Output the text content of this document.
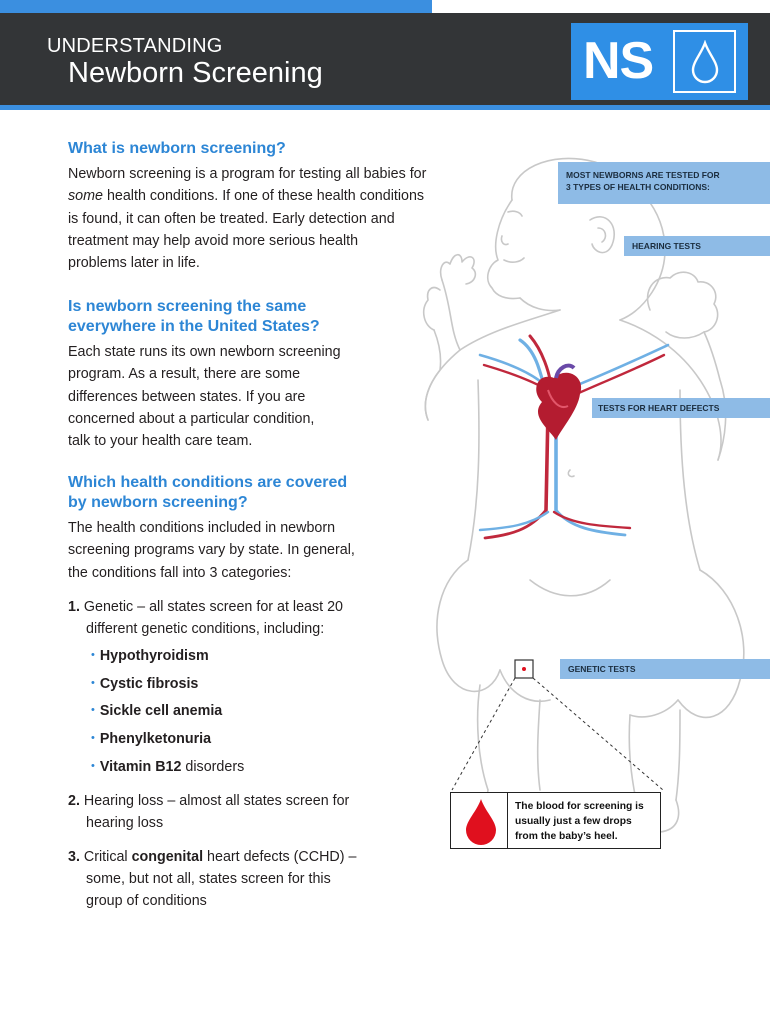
UNDERSTANDING
Newborn Screening	NS
What is newborn screening?
Newborn screening is a program for testing all babies for
some health conditions. If one of these health conditions
is found, it can often be treated. Early detection and
treatment may help avoid more serious health
problems later in life.
Is newborn screening the same
everywhere in the United States?
Each state runs its own newborn screening
program. As a result, there are some
differences between states. If you are
concerned about a particular condition,
talk to your health care team.
Which health conditions are covered
by newborn screening?
The health conditions included in newborn
screening programs vary by state. In general,
the conditions fall into 3 categories:
1. Genetic – all states screen for at least 20
different genetic conditions, including:
• Hypothyroidism
• Cystic fibrosis
• Sickle cell anemia
• Phenylketonuria
• Vitamin B12 disorders
2. Hearing loss – almost all states screen for
hearing loss
3. Critical congenital heart defects (CCHD) –
some, but not all, states screen for this
group of conditions
MOST NEWBORNS ARE TESTED FOR
3 TYPES OF HEALTH CONDITIONS:
HEARING TESTS
TESTS FOR HEART DEFECTS
GENETIC TESTS
The blood for screening is
usually just a few drops
from the baby’s heel.
